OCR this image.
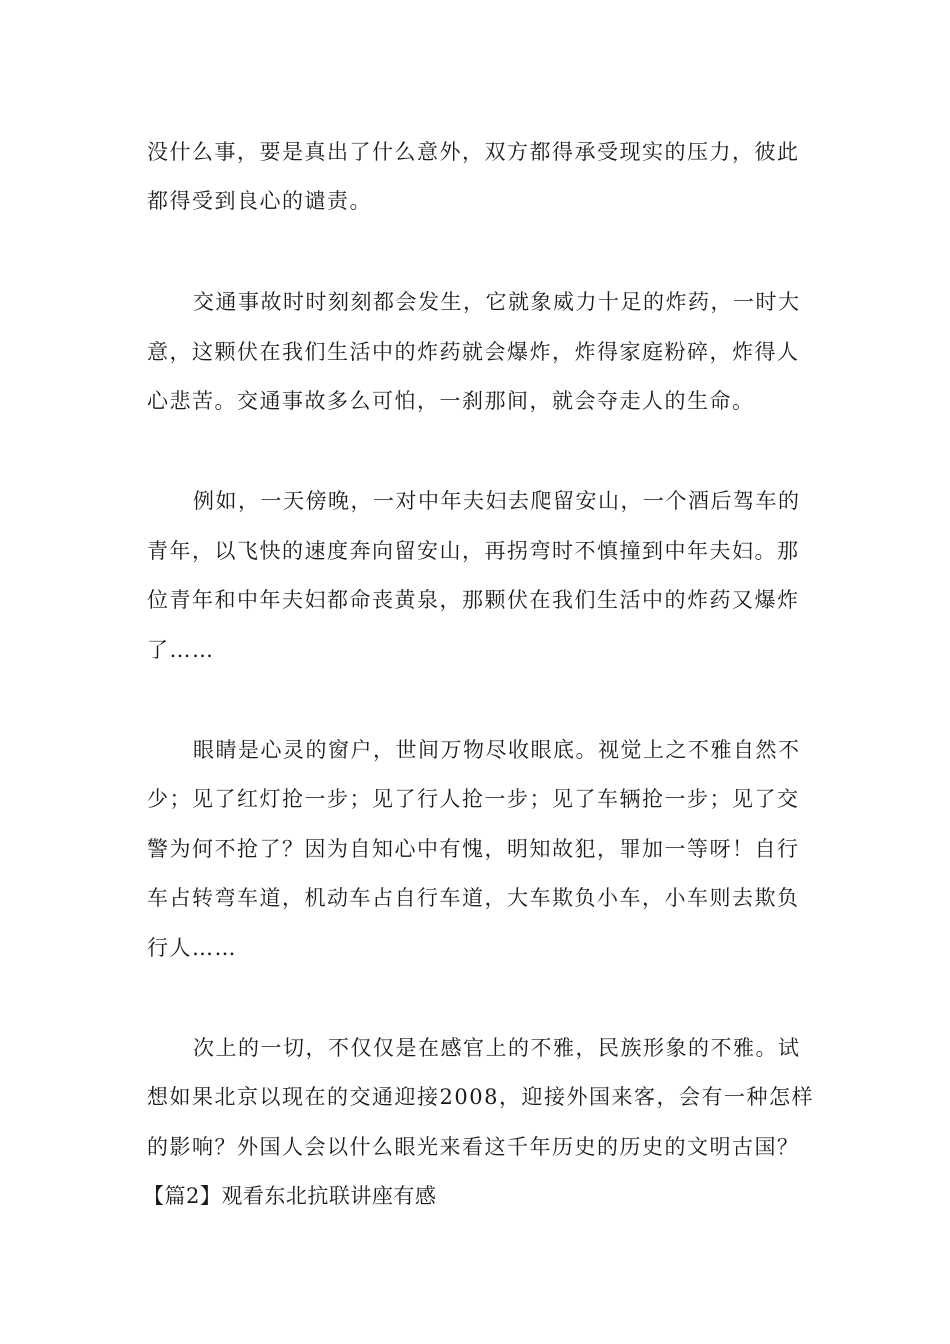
没什么事，要是真出了什么意外，双方都得承受现实的压力，彼此
都得受到良心的谴责。
交通事故时时刻刻都会发生，它就象威力十足的炸药，一时大
意，这颗伏在我们生活中的炸药就会爆炸，炸得家庭粉碎，炸得人
心悲苦。交通事故多么可怕，一刹那间，就会夺走人的生命。
例如，一天傍晚，一对中年夫妇去爬留安山，一个酒后驾车的
青年，以飞快的速度奔向留安山，再拐弯时不慎撞到中年夫妇。那
位青年和中年夫妇都命丧黄泉，那颗伏在我们生活中的炸药又爆炸
了……
眼睛是心灵的窗户，世间万物尽收眼底。视觉上之不雅自然不
少；见了红灯抢一步；见了行人抢一步；见了车辆抢一步；见了交
警为何不抢了？因为自知心中有愧，明知故犯，罪加一等呀！自行
车占转弯车道，机动车占自行车道，大车欺负小车，小车则去欺负
行人……
次上的一切，不仅仅是在感官上的不雅，民族形象的不雅。试
想如果北京以现在的交通迎接2008，迎接外国来客，会有一种怎样
的影响？外国人会以什么眼光来看这千年历史的历史的文明古国？
【篇2】观看东北抗联讲座有感
